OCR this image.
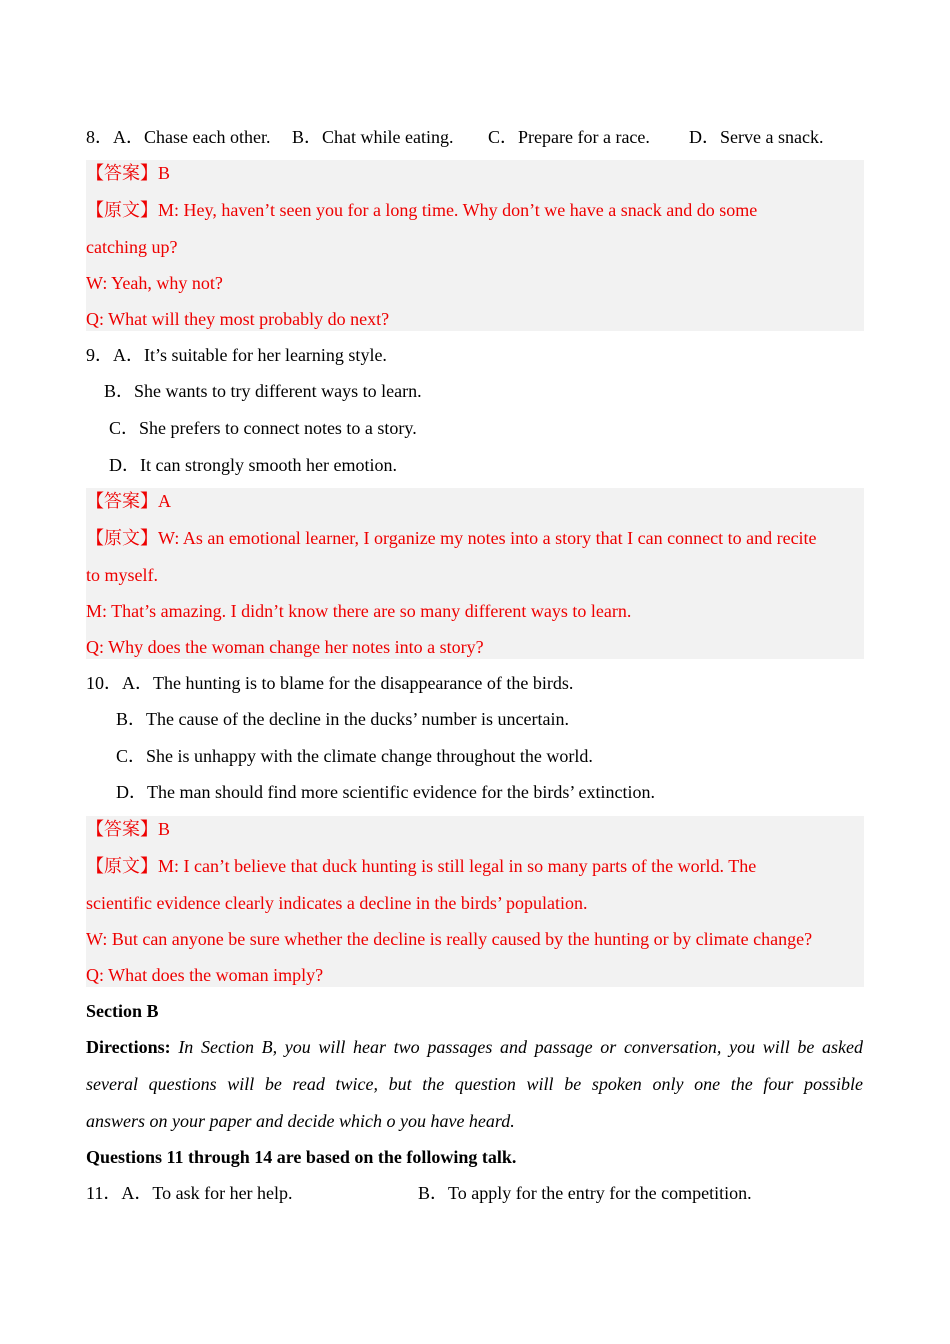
8．A．Chase each other. B．Chat while eating. C．Prepare for a race. D．Serve a snack.
【答案】B
【原文】M: Hey, haven’t seen you for a long time. Why don’t we have a snack and do some
catching up?
W: Yeah, why not?
Q: What will they most probably do next?
9．A．It’s suitable for her learning style.
B．She wants to try different ways to learn.
C．She prefers to connect notes to a story.
D．It can strongly smooth her emotion.
【答案】A
【原文】W: As an emotional learner, I organize my notes into a story that I can connect to and recite
to myself.
M: That’s amazing. I didn’t know there are so many different ways to learn.
Q: Why does the woman change her notes into a story?
10．A．The hunting is to blame for the disappearance of the birds.
B．The cause of the decline in the ducks’ number is uncertain.
C．She is unhappy with the climate change throughout the world.
D．The man should find more scientific evidence for the birds’ extinction.
【答案】B
【原文】M: I can’t believe that duck hunting is still legal in so many parts of the world. The
scientific evidence clearly indicates a decline in the birds’ population.
W: But can anyone be sure whether the decline is really caused by the hunting or by climate change?
Q: What does the woman imply?
Section B
Directions: In Section B, you will hear two passages and passage or conversation, you will be asked
several questions will be read twice, but the question will be spoken only one the four possible
answers on your paper and decide which o you have heard.
Questions 11 through 14 are based on the following talk.
11．A．To ask for her help.	B．To apply for the entry for the competition.
